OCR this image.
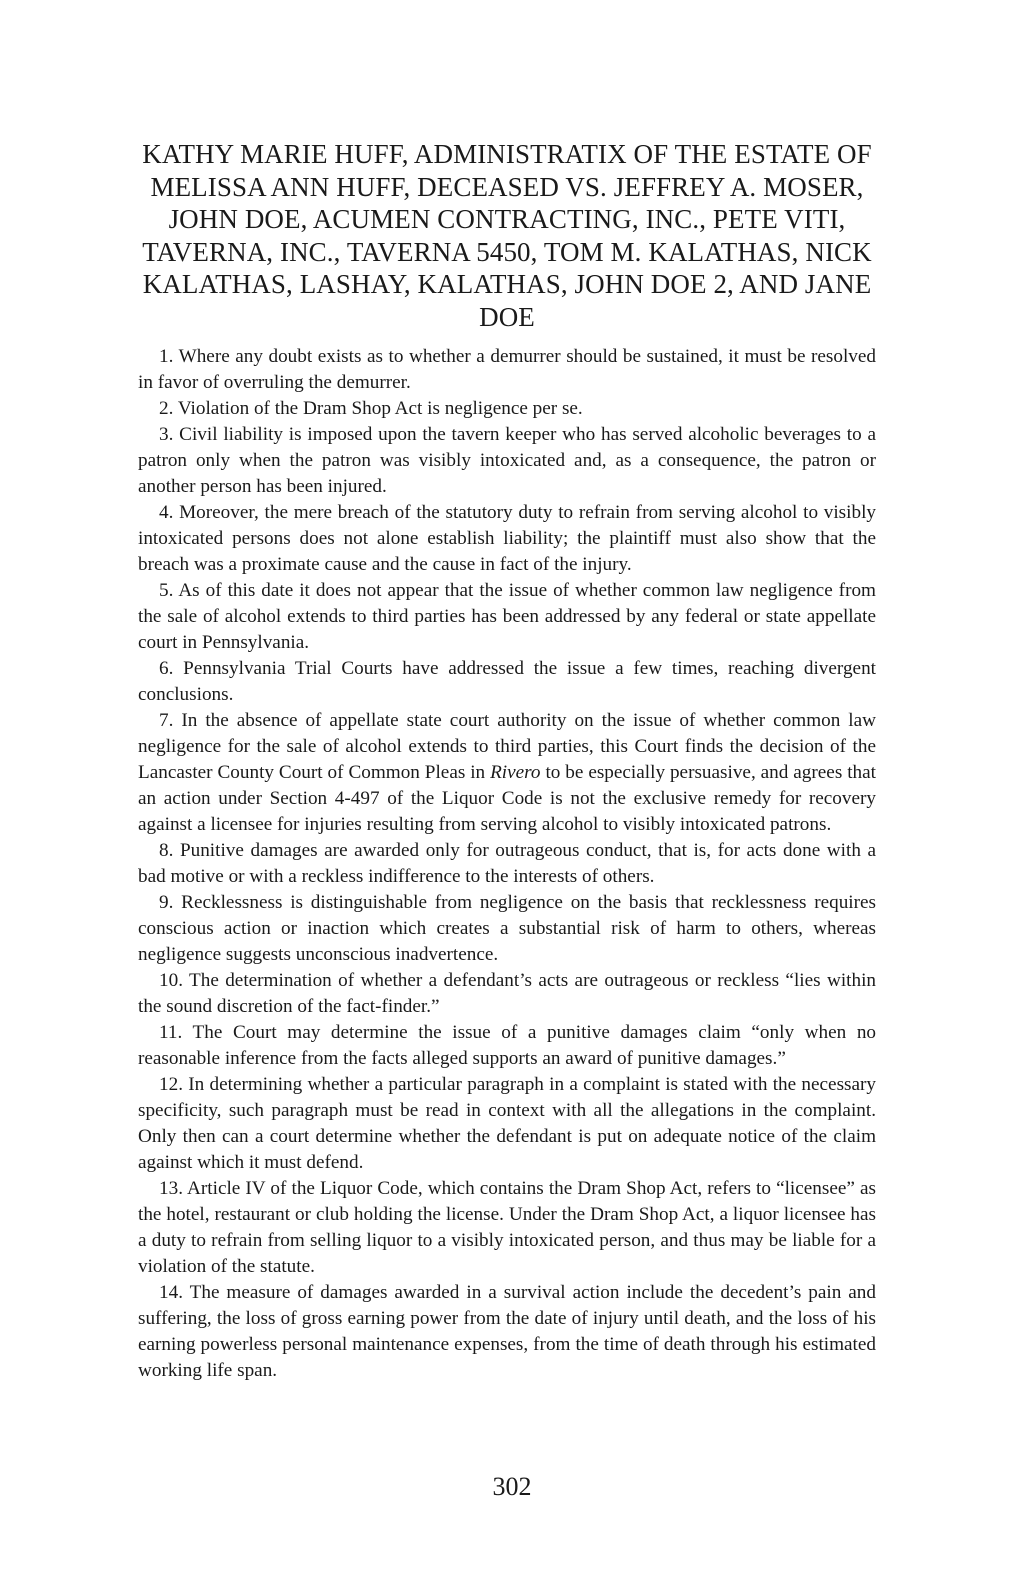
KATHY MARIE HUFF, ADMINISTRATIX OF THE ESTATE OF MELISSA ANN HUFF, DECEASED VS. JEFFREY A. MOSER, JOHN DOE, ACUMEN CONTRACTING, INC., PETE VITI, TAVERNA, INC., TAVERNA 5450, TOM M. KALATHAS, NICK KALATHAS, LASHAY, KALATHAS, JOHN DOE 2, AND JANE DOE

1. Where any doubt exists as to whether a demurrer should be sustained, it must be resolved in favor of overruling the demurrer.

2. Violation of the Dram Shop Act is negligence per se.

3. Civil liability is imposed upon the tavern keeper who has served alcoholic beverages to a patron only when the patron was visibly intoxicated and, as a consequence, the patron or another person has been injured.

4. Moreover, the mere breach of the statutory duty to refrain from serving alcohol to visibly intoxicated persons does not alone establish liability; the plaintiff must also show that the breach was a proximate cause and the cause in fact of the injury.

5. As of this date it does not appear that the issue of whether common law negligence from the sale of alcohol extends to third parties has been addressed by any federal or state appellate court in Pennsylvania.

6. Pennsylvania Trial Courts have addressed the issue a few times, reaching divergent conclusions.

7. In the absence of appellate state court authority on the issue of whether common law negligence for the sale of alcohol extends to third parties, this Court finds the decision of the Lancaster County Court of Common Pleas in Rivero to be especially persuasive, and agrees that an action under Section 4-497 of the Liquor Code is not the exclusive remedy for recovery against a licensee for injuries resulting from serving alcohol to visibly intoxicated patrons.

8. Punitive damages are awarded only for outrageous conduct, that is, for acts done with a bad motive or with a reckless indifference to the interests of others.

9. Recklessness is distinguishable from negligence on the basis that recklessness requires conscious action or inaction which creates a substantial risk of harm to others, whereas negligence suggests unconscious inadvertence.

10. The determination of whether a defendant’s acts are outrageous or reckless “lies within the sound discretion of the fact-finder.”

11. The Court may determine the issue of a punitive damages claim “only when no reasonable inference from the facts alleged supports an award of punitive damages.”

12. In determining whether a particular paragraph in a complaint is stated with the necessary specificity, such paragraph must be read in context with all the allegations in the complaint. Only then can a court determine whether the defendant is put on adequate notice of the claim against which it must defend.

13. Article IV of the Liquor Code, which contains the Dram Shop Act, refers to “licensee” as the hotel, restaurant or club holding the license. Under the Dram Shop Act, a liquor licensee has a duty to refrain from selling liquor to a visibly intoxicated person, and thus may be liable for a violation of the statute.

14. The measure of damages awarded in a survival action include the decedent’s pain and suffering, the loss of gross earning power from the date of injury until death, and the loss of his earning powerless personal maintenance expenses, from the time of death through his estimated working life span.

302
